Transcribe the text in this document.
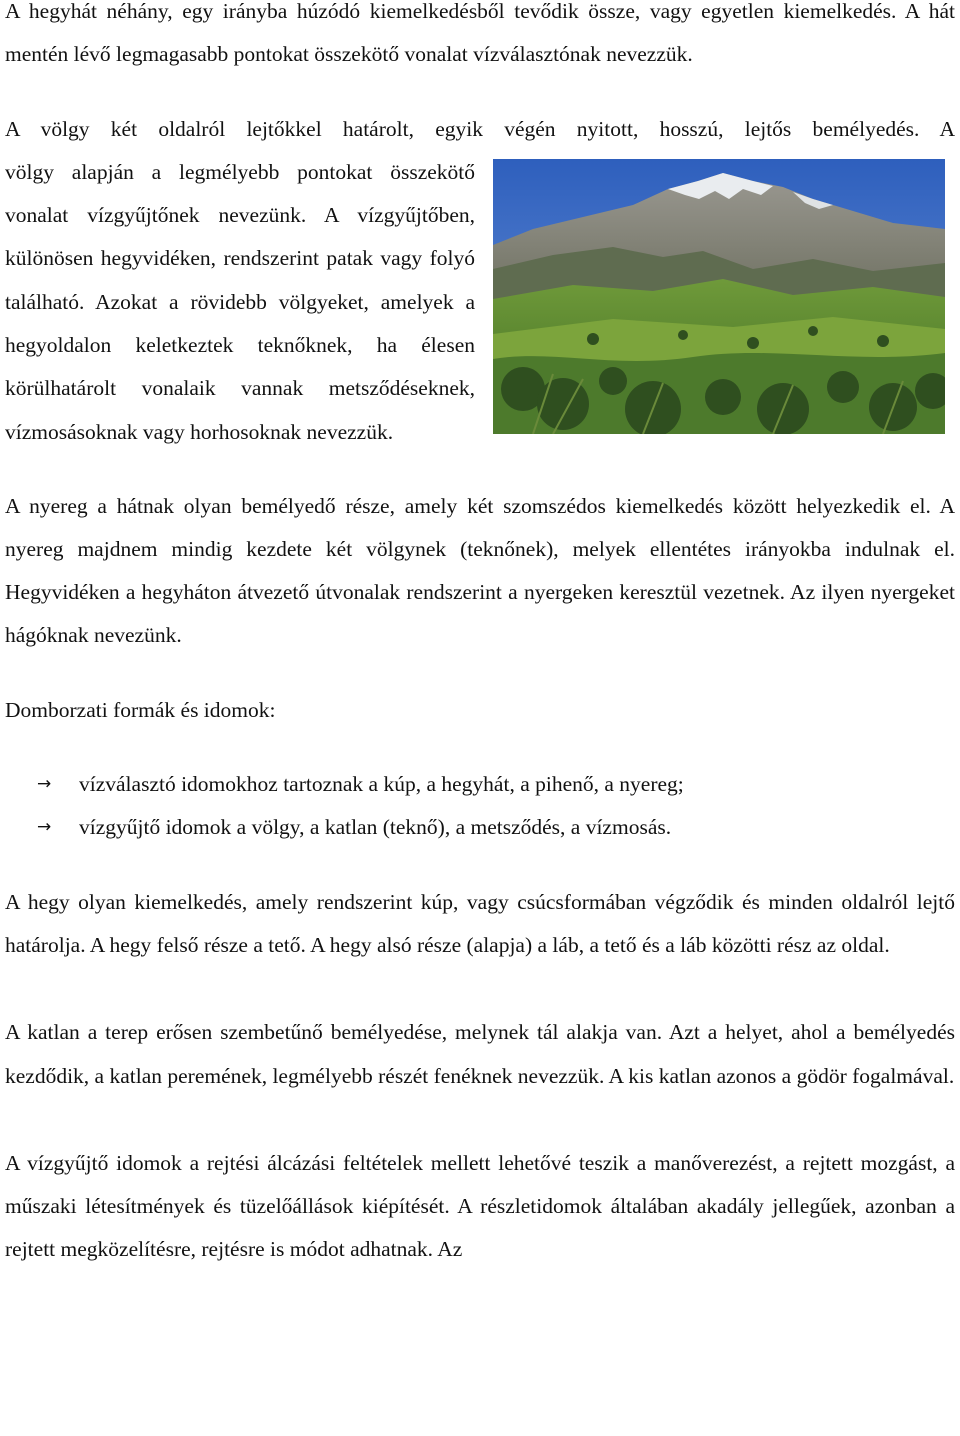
A hegyhát néhány, egy irányba húzódó kiemelkedésből tevődik össze, vagy egyetlen kiemelkedés. A hát mentén lévő legmagasabb pontokat összekötő vonalat vízválasztónak nevezzük.

A völgy két oldalról lejtőkkel határolt, egyik végén nyitott, hosszú, lejtős bemélyedés. A

völgy alapján a legmélyebb pontokat összekötő vonalat vízgyűjtőnek nevezünk. A vízgyűjtőben, különösen hegyvidéken, rendszerint patak vagy folyó található. Azokat a rövidebb völgyeket, amelyek a hegyoldalon keletkeztek teknőknek, ha élesen körülhatárolt vonalaik vannak metsződéseknek, vízmosásoknak vagy horhosoknak nevezzük.

A nyereg a hátnak olyan bemélyedő része, amely két szomszédos kiemelkedés között helyezkedik el. A nyereg majdnem mindig kezdete két völgynek (teknőnek), melyek ellentétes irányokba indulnak el. Hegyvidéken a hegyháton átvezető útvonalak rendszerint a nyergeken keresztül vezetnek. Az ilyen nyergeket hágóknak nevezünk.

Domborzati formák és idomok:

→ vízválasztó idomokhoz tartoznak a kúp, a hegyhát, a pihenő, a nyereg;
→ vízgyűjtő idomok a völgy, a katlan (teknő), a metsződés, a vízmosás.

A hegy olyan kiemelkedés, amely rendszerint kúp, vagy csúcsformában végződik és minden oldalról lejtő határolja. A hegy felső része a tető. A hegy alsó része (alapja) a láb, a tető és a láb közötti rész az oldal.

A katlan a terep erősen szembetűnő bemélyedése, melynek tál alakja van. Azt a helyet, ahol a bemélyedés kezdődik, a katlan peremének, legmélyebb részét fenéknek nevezzük. A kis katlan azonos a gödör fogalmával.

A vízgyűjtő idomok a rejtési álcázási feltételek mellett lehetővé teszik a manőverezést, a rejtett mozgást, a műszaki létesítmények és tüzelőállások kiépítését. A részletidomok általában akadály jellegűek, azonban a rejtett megközelítésre, rejtésre is módot adhatnak. Az
